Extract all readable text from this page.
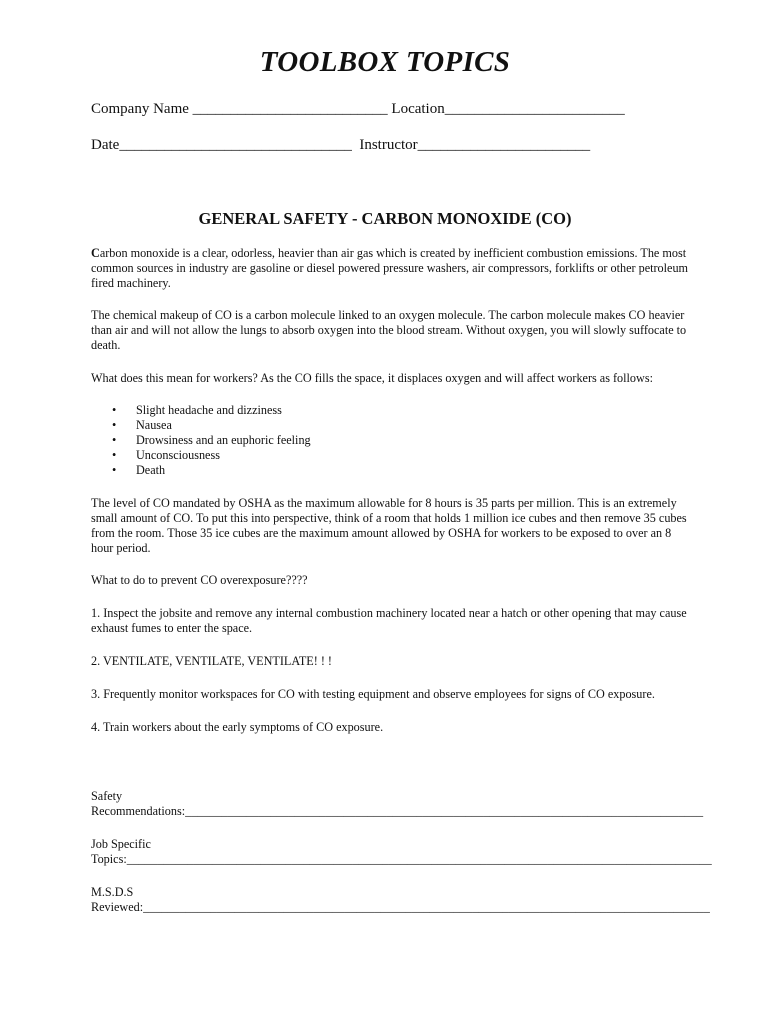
TOOLBOX TOPICS
Company Name __________________________ Location________________________
Date_______________________________ Instructor_______________________
GENERAL SAFETY - CARBON MONOXIDE (CO)

Carbon monoxide is a clear, odorless, heavier than air gas which is created by inefficient combustion emissions. The most common sources in industry are gasoline or diesel powered pressure washers, air compressors, forklifts or other petroleum fired machinery.

The chemical makeup of CO is a carbon molecule linked to an oxygen molecule. The carbon molecule makes CO heavier than air and will not allow the lungs to absorb oxygen into the blood stream. Without oxygen, you will slowly suffocate to death.

What does this mean for workers? As the CO fills the space, it displaces oxygen and will affect workers as follows:

• Slight headache and dizziness
• Nausea
• Drowsiness and an euphoric feeling
• Unconsciousness
• Death

The level of CO mandated by OSHA as the maximum allowable for 8 hours is 35 parts per million. This is an extremely small amount of CO. To put this into perspective, think of a room that holds 1 million ice cubes and then remove 35 cubes from the room. Those 35 ice cubes are the maximum amount allowed by OSHA for workers to be exposed to over an 8 hour period.

What to do to prevent CO overexposure????

1. Inspect the jobsite and remove any internal combustion machinery located near a hatch or other opening that may cause exhaust fumes to enter the space.

2. VENTILATE, VENTILATE, VENTILATE! ! !

3. Frequently monitor workspaces for CO with testing equipment and observe employees for signs of CO exposure.

4. Train workers about the early symptoms of CO exposure.

Safety
Recommendations:_____________________________________________________________________________________
Job Specific
Topics:________________________________________________________________________________________________
M.S.D.S
Reviewed:_____________________________________________________________________________________________
